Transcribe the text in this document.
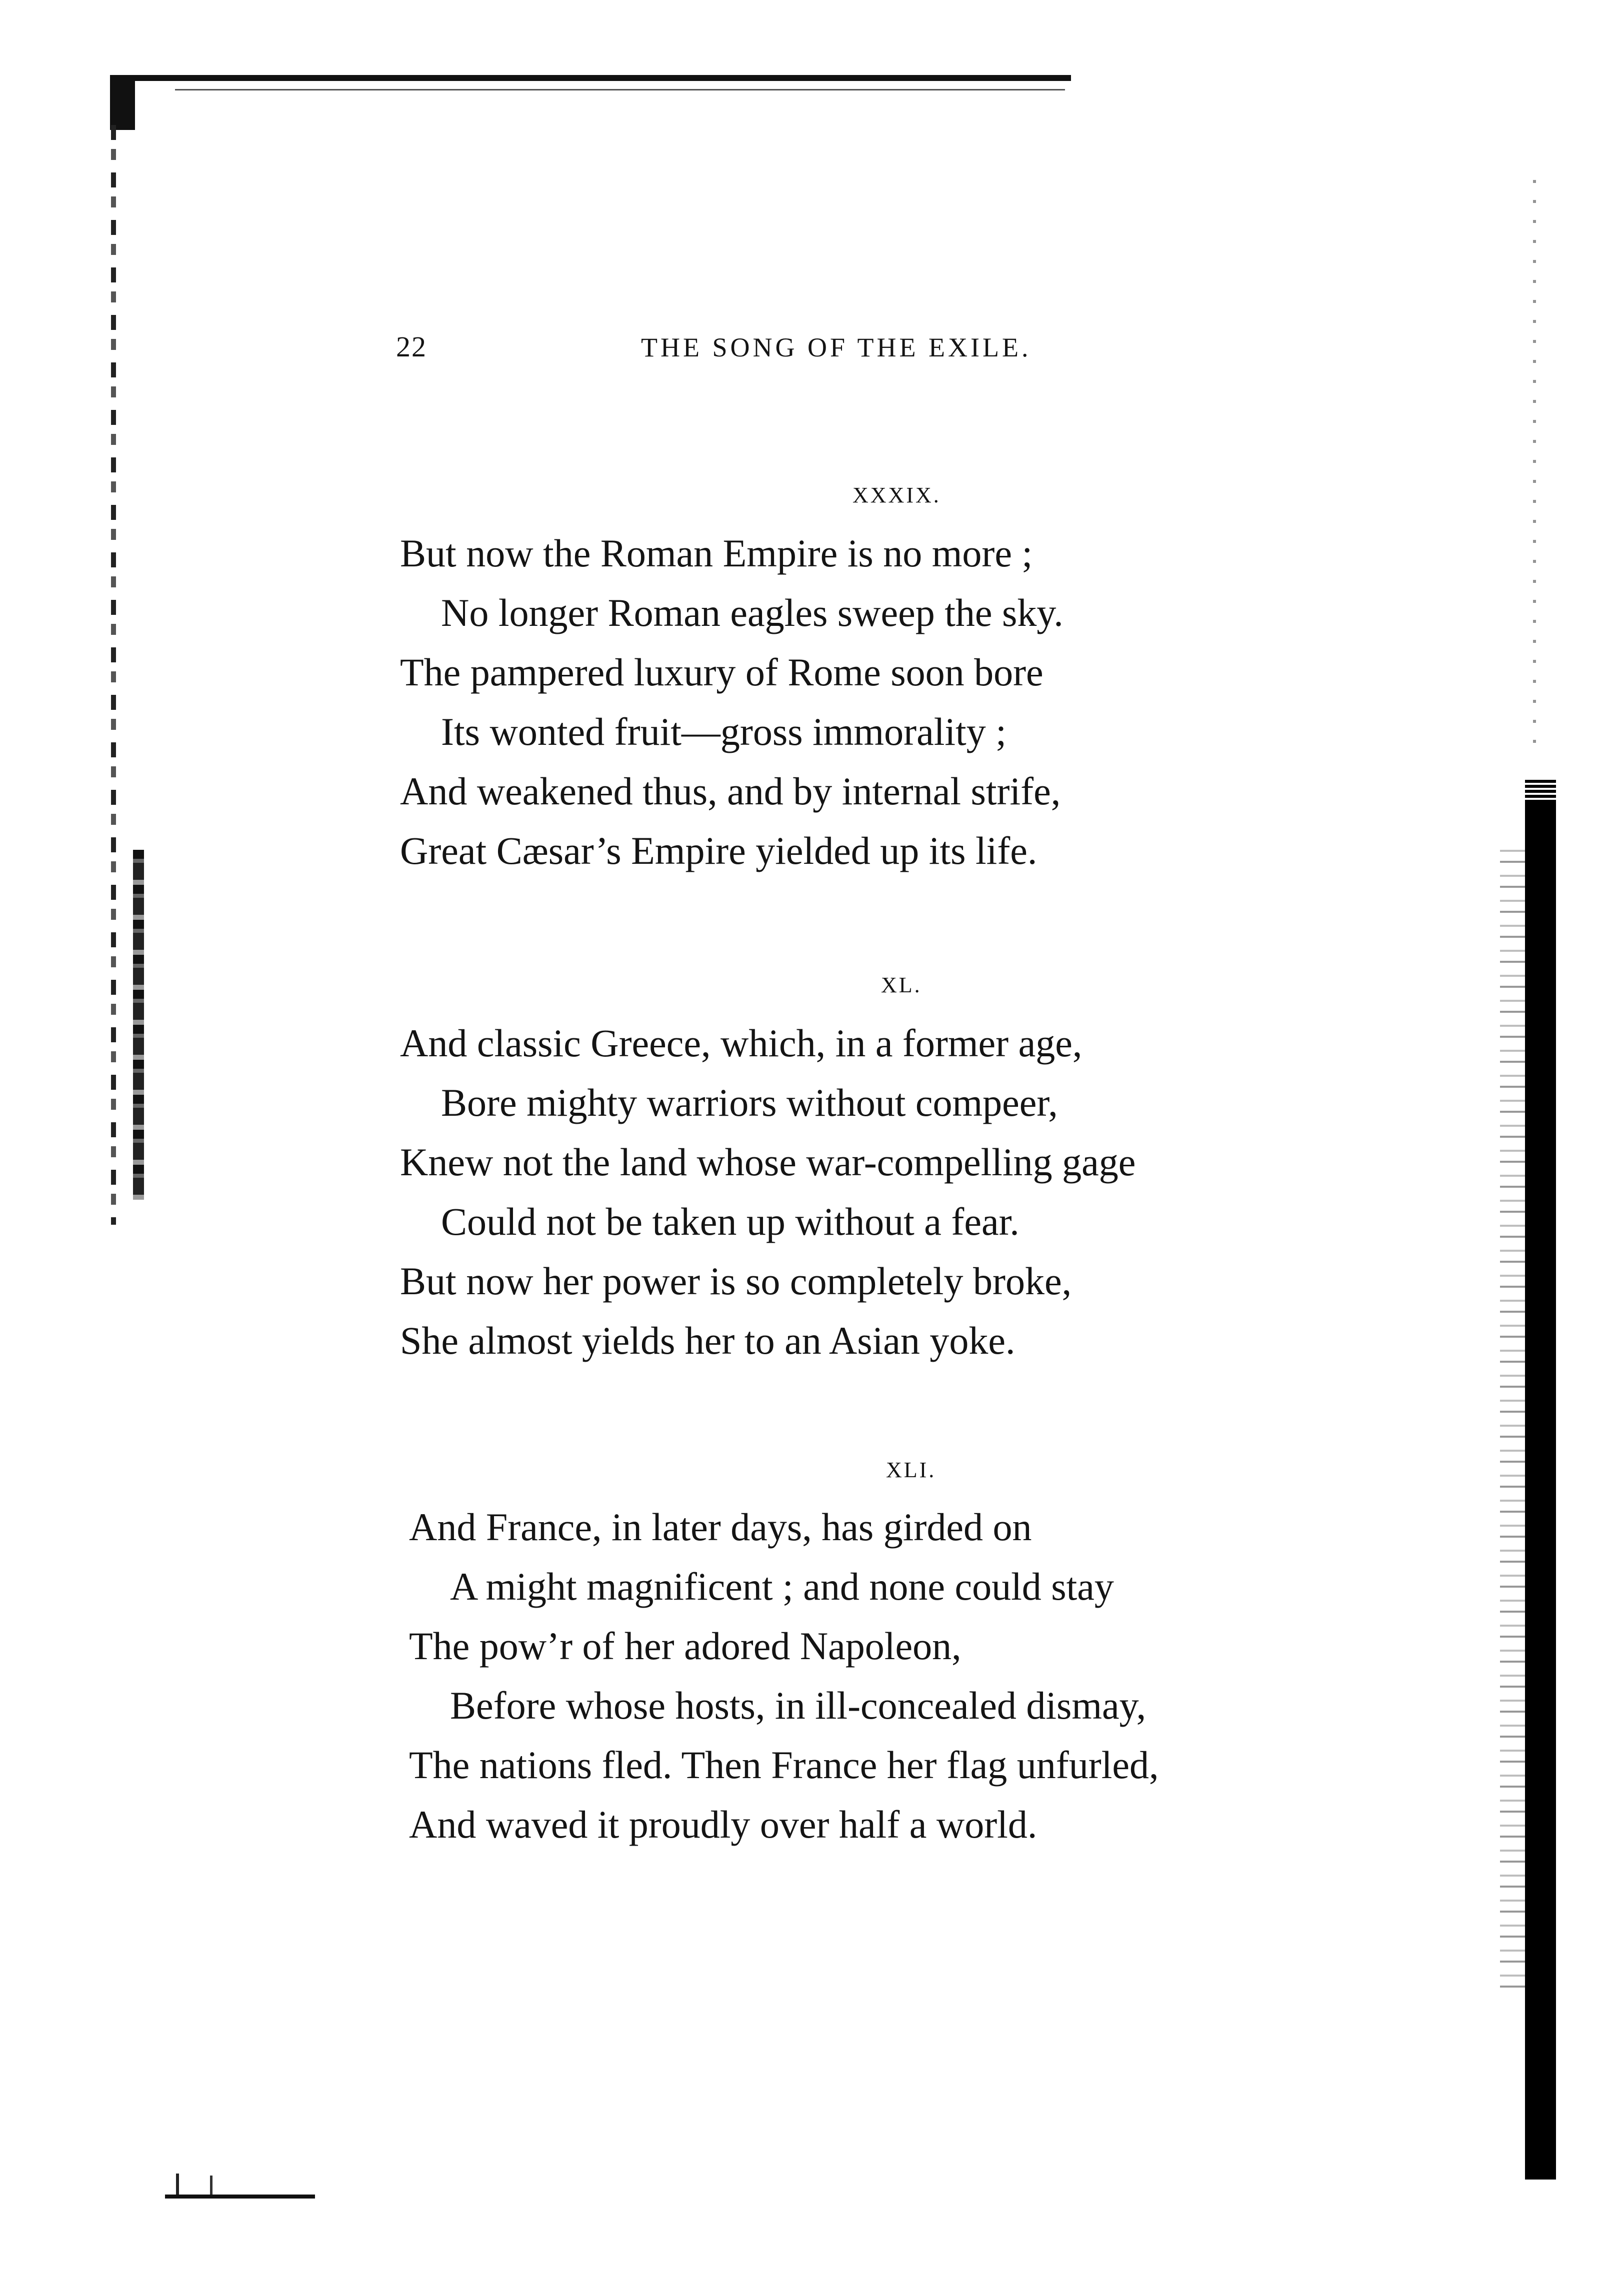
22	THE SONG OF THE EXILE.
XXXIX.
But now the Roman Empire is no more ;
No longer Roman eagles sweep the sky.
The pampered luxury of Rome soon bore
Its wonted fruit—gross immorality ;
And weakened thus, and by internal strife,
Great Cæsar’s Empire yielded up its life.
XL.
And classic Greece, which, in a former age,
Bore mighty warriors without compeer,
Knew not the land whose war-compelling gage
Could not be taken up without a fear.
But now her power is so completely broke,
She almost yields her to an Asian yoke.
XLI.
And France, in later days, has girded on
A might magnificent ; and none could stay
The pow’r of her adored Napoleon,
Before whose hosts, in ill-concealed dismay,
The nations fled. Then France her flag unfurled,
And waved it proudly over half a world.
